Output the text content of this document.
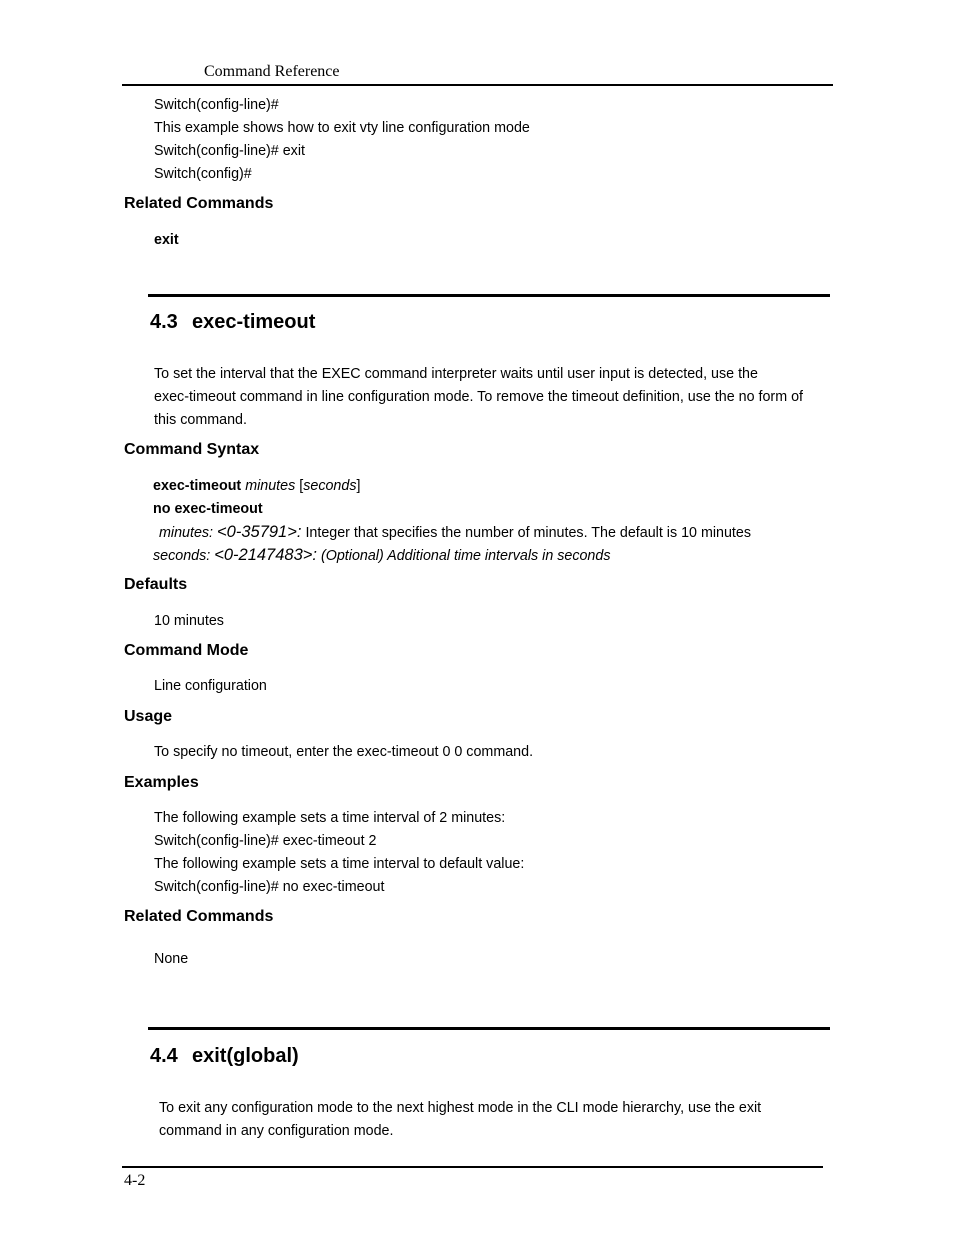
Command Reference
Switch(config-line)#
This example shows how to exit vty line configuration mode
Switch(config-line)# exit
Switch(config)#
Related Commands
exit
4.3 exec-timeout
To set the interval that the EXEC command interpreter waits until user input is detected, use the
exec-timeout command in line configuration mode. To remove the timeout definition, use the no form of
this command.
Command Syntax
exec-timeout minutes [seconds]
no exec-timeout
minutes: <0-35791>: Integer that specifies the number of minutes. The default is 10 minutes
seconds: <0-2147483>: (Optional) Additional time intervals in seconds
Defaults
10 minutes
Command Mode
Line configuration
Usage
To specify no timeout, enter the exec-timeout 0 0 command.
Examples
The following example sets a time interval of 2 minutes:
Switch(config-line)# exec-timeout 2
The following example sets a time interval to default value:
Switch(config-line)# no exec-timeout
Related Commands
None
4.4 exit(global)
To exit any configuration mode to the next highest mode in the CLI mode hierarchy, use the exit
command in any configuration mode.
4-2
